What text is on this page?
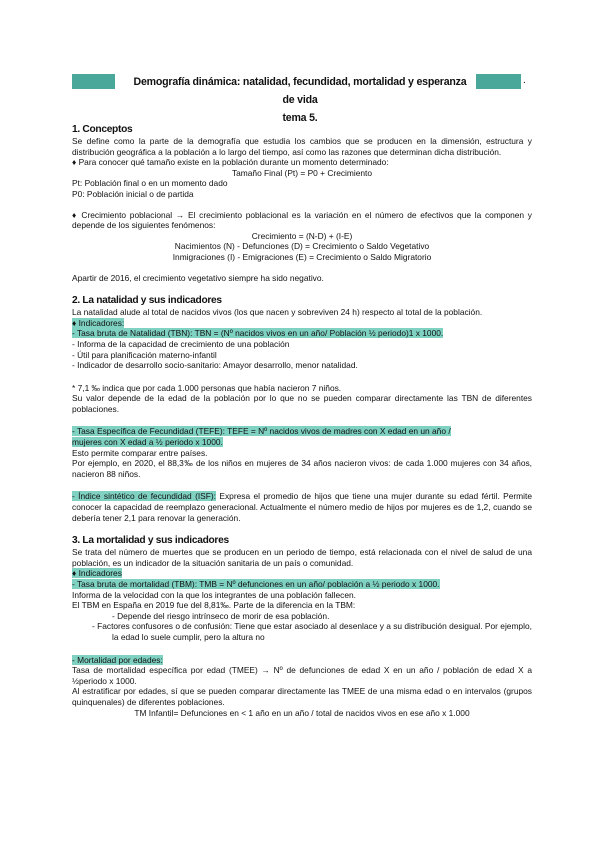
.
Demografía dinámica: natalidad, fecundidad, mortalidad y esperanza de vida
tema 5.

1. Conceptos

Se define como la parte de la demografía que estudia los cambios que se producen en la dimensión, estructura y distribución geográfica a la población a lo largo del tiempo, así como las razones que determinan dicha distribución.

♦ Para conocer qué tamaño existe en la población durante un momento determinado:

Tamaño Final (Pt) = P0 + Crecimiento

Pt: Población final o en un momento dado

P0: Población inicial o de partida

♦ Crecimiento poblacional → El crecimiento poblacional es la variación en el número de efectivos que la componen y depende de los siguientes fenómenos:

Crecimiento = (N-D) + (I-E)

Nacimientos (N) - Defunciones (D) = Crecimiento o Saldo Vegetativo

Inmigraciones (I) - Emigraciones (E) = Crecimiento o Saldo Migratorio

Apartir de 2016, el crecimiento vegetativo siempre ha sido negativo.

2. La natalidad y sus indicadores

La natalidad alude al total de nacidos vivos (los que nacen y sobreviven 24 h) respecto al total de la población.

♦ Indicadores:

- Tasa bruta de Natalidad (TBN): TBN = (Nº nacidos vivos en un año/ Población ½ periodo)1 x 1000.

- Informa de la capacidad de crecimiento de una población

- Útil para planificación materno-infantil

- Indicador de desarrollo socio-sanitario: Amayor desarrollo, menor natalidad.

* 7,1 ‰ indica que por cada 1.000 personas que había nacieron 7 niños.

Su valor depende de la edad de la población por lo que no se pueden comparar directamente las TBN de diferentes poblaciones.

- Tasa Específica de Fecundidad (TEFE): TEFE = Nº nacidos vivos de madres con X edad en un año /

mujeres con X edad a ½ periodo x 1000.

Esto permite comparar entre países.

Por ejemplo, en 2020, el 88,3‰ de los niños en mujeres de 34 años nacieron vivos: de cada 1.000 mujeres con 34 años, nacieron 88 niños.

- Índice sintético de fecundidad (ISF): Expresa el promedio de hijos que tiene una mujer durante su edad fértil. Permite conocer la capacidad de reemplazo generacional. Actualmente el número medio de hijos por mujeres es de 1,2, cuando se debería tener 2,1 para renovar la generación.

3. La mortalidad y sus indicadores

Se trata del número de muertes que se producen en un periodo de tiempo, está relacionada con el nivel de salud de una población, es un indicador de la situación sanitaria de un país o comunidad.

♦ Indicadores

- Tasa bruta de mortalidad (TBM): TMB = Nº defunciones en un año/ población a ½ periodo x 1000.

Informa de la velocidad con la que los integrantes de una población fallecen.

El TBM en España en 2019 fue del 8,81‰. Parte de la diferencia en la TBM:

- Depende del riesgo intrínseco de morir de esa población.

- Factores confusores o de confusión: Tiene que estar asociado al desenlace y a su distribución desigual. Por ejemplo, la edad lo suele cumplir, pero la altura no

- Mortalidad por edades:

Tasa de mortalidad específica por edad (TMEE) → Nº de defunciones de edad X en un año / población de edad X a ½periodo x 1000.

Al estratificar por edades, sí que se pueden comparar directamente las TMEE de una misma edad o en intervalos (grupos quinquenales) de diferentes poblaciones.

TM Infantil= Defunciones en < 1 año en un año / total de nacidos vivos en ese año x 1.000
